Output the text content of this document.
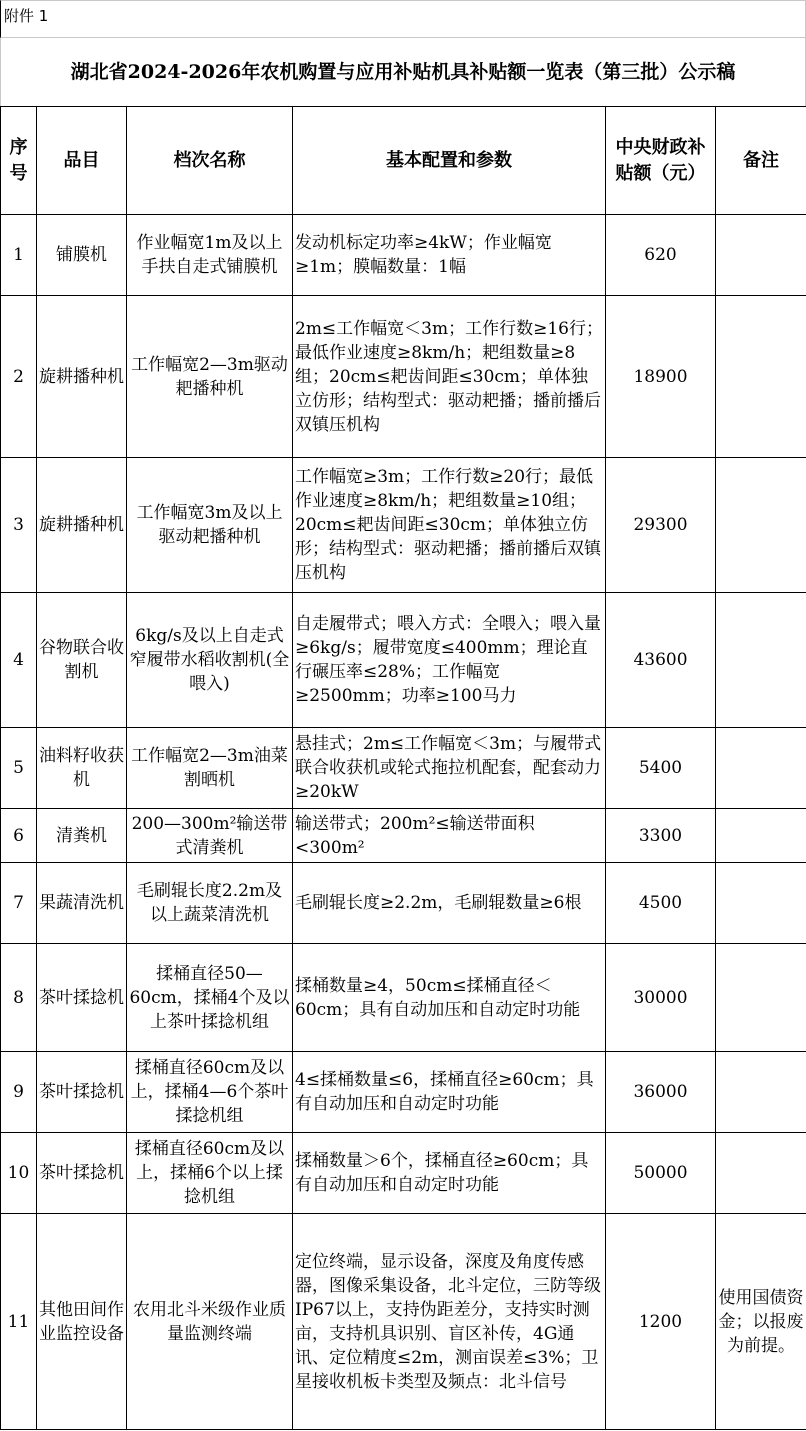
附件 1
湖北省2024-2026年农机购置与应用补贴机具补贴额一览表（第三批）公示稿
序号	品目	档次名称	基本配置和参数	中央财政补贴额（元）	备注
1	铺膜机	作业幅宽1m及以上手扶自走式铺膜机	发动机标定功率≥4kW；作业幅宽≥1m；膜幅数量：1幅	620	
2	旋耕播种机	工作幅宽2—3m驱动耙播种机	2m≤工作幅宽＜3m；工作行数≥16行；最低作业速度≥8km/h；耙组数量≥8组；20cm≤耙齿间距≤30cm；单体独立仿形；结构型式：驱动耙播；播前播后双镇压机构	18900	
3	旋耕播种机	工作幅宽3m及以上驱动耙播种机	工作幅宽≥3m；工作行数≥20行；最低作业速度≥8km/h；耙组数量≥10组；20cm≤耙齿间距≤30cm；单体独立仿形；结构型式：驱动耙播；播前播后双镇压机构	29300	
4	谷物联合收割机	6kg/s及以上自走式窄履带水稻收割机(全喂入)	自走履带式；喂入方式：全喂入；喂入量≥6kg/s；履带宽度≤400mm；理论直行碾压率≤28%；工作幅宽≥2500mm；功率≥100马力	43600	
5	油料籽收获机	工作幅宽2—3m油菜割晒机	悬挂式；2m≤工作幅宽＜3m；与履带式联合收获机或轮式拖拉机配套，配套动力≥20kW	5400	
6	清粪机	200—300m²输送带式清粪机	输送带式；200m²≤输送带面积<300m²	3300	
7	果蔬清洗机	毛刷辊长度2.2m及以上蔬菜清洗机	毛刷辊长度≥2.2m，毛刷辊数量≥6根	4500	
8	茶叶揉捻机	揉桶直径50—60cm，揉桶4个及以上茶叶揉捻机组	揉桶数量≥4，50cm≤揉桶直径＜60cm；具有自动加压和自动定时功能	30000	
9	茶叶揉捻机	揉桶直径60cm及以上，揉桶4—6个茶叶揉捻机组	4≤揉桶数量≤6，揉桶直径≥60cm；具有自动加压和自动定时功能	36000	
10	茶叶揉捻机	揉桶直径60cm及以上，揉桶6个以上揉捻机组	揉桶数量＞6个，揉桶直径≥60cm；具有自动加压和自动定时功能	50000	
11	其他田间作业监控设备	农用北斗米级作业质量监测终端	定位终端，显示设备，深度及角度传感器，图像采集设备，北斗定位，三防等级IP67以上，支持伪距差分，支持实时测亩，支持机具识别、盲区补传，4G通讯、定位精度≤2m，测亩误差≤3%；卫星接收机板卡类型及频点：北斗信号	1200	使用国债资金；以报废为前提。
